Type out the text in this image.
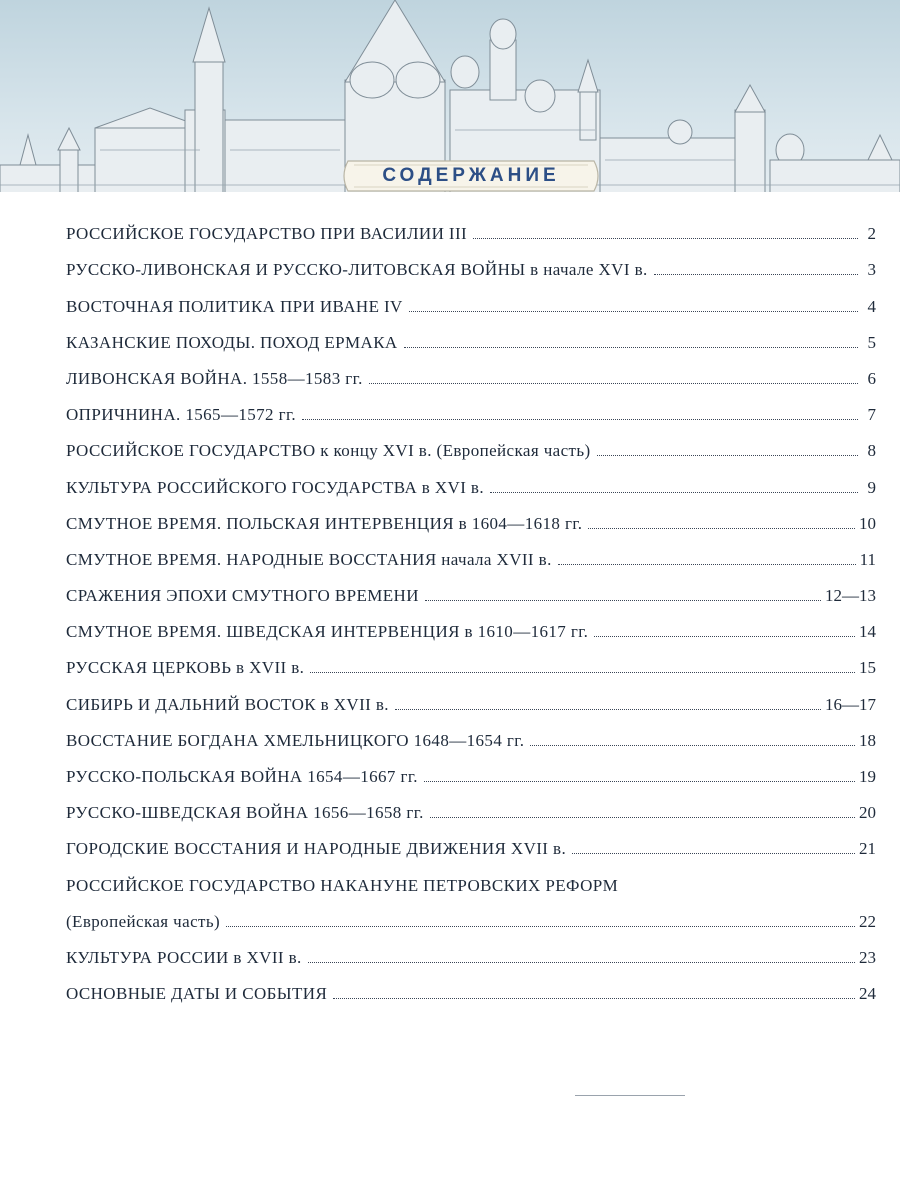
СОДЕРЖАНИЕ
РОССИЙСКОЕ ГОСУДАРСТВО ПРИ ВАСИЛИИ III	2
РУССКО-ЛИВОНСКАЯ И РУССКО-ЛИТОВСКАЯ ВОЙНЫ в начале XVI в.	3
ВОСТОЧНАЯ ПОЛИТИКА ПРИ ИВАНЕ IV	4
КАЗАНСКИЕ ПОХОДЫ. ПОХОД ЕРМАКА	5
ЛИВОНСКАЯ ВОЙНА. 1558—1583 гг.	6
ОПРИЧНИНА. 1565—1572 гг.	7
РОССИЙСКОЕ ГОСУДАРСТВО к концу XVI в. (Европейская часть)	8
КУЛЬТУРА РОССИЙСКОГО ГОСУДАРСТВА в XVI в.	9
СМУТНОЕ ВРЕМЯ. ПОЛЬСКАЯ ИНТЕРВЕНЦИЯ в 1604—1618 гг.	10
СМУТНОЕ ВРЕМЯ. НАРОДНЫЕ ВОССТАНИЯ начала XVII в.	11
СРАЖЕНИЯ ЭПОХИ СМУТНОГО ВРЕМЕНИ	12—13
СМУТНОЕ ВРЕМЯ. ШВЕДСКАЯ ИНТЕРВЕНЦИЯ в 1610—1617 гг.	14
РУССКАЯ ЦЕРКОВЬ в XVII в.	15
СИБИРЬ И ДАЛЬНИЙ ВОСТОК в XVII в.	16—17
ВОССТАНИЕ БОГДАНА ХМЕЛЬНИЦКОГО 1648—1654 гг.	18
РУССКО-ПОЛЬСКАЯ ВОЙНА 1654—1667 гг.	19
РУССКО-ШВЕДСКАЯ ВОЙНА 1656—1658 гг.	20
ГОРОДСКИЕ ВОССТАНИЯ И НАРОДНЫЕ ДВИЖЕНИЯ XVII в.	21
РОССИЙСКОЕ ГОСУДАРСТВО НАКАНУНЕ ПЕТРОВСКИХ РЕФОРМ
(Европейская часть)	22
КУЛЬТУРА РОССИИ в XVII в.	23
ОСНОВНЫЕ ДАТЫ И СОБЫТИЯ	24
